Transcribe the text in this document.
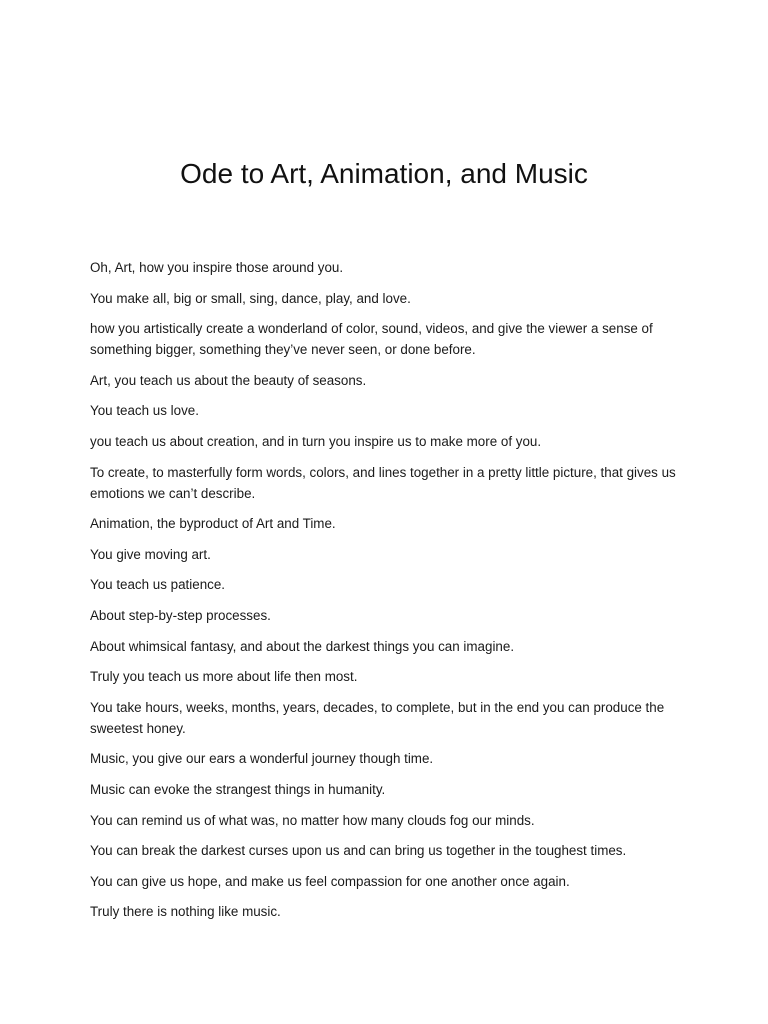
Ode to Art, Animation, and Music

Oh, Art, how you inspire those around you.

You make all, big or small, sing, dance, play, and love.

how you artistically create a wonderland of color, sound, videos, and give the viewer a sense of something bigger, something they’ve never seen, or done before.

Art, you teach us about the beauty of seasons.

You teach us love.

you teach us about creation, and in turn you inspire us to make more of you.

To create, to masterfully form words, colors, and lines together in a pretty little picture, that gives us emotions we can’t describe.

Animation, the byproduct of Art and Time.

You give moving art.

You teach us patience.

About step-by-step processes.

About whimsical fantasy, and about the darkest things you can imagine.

Truly you teach us more about life then most.

You take hours, weeks, months, years, decades, to complete, but in the end you can produce the sweetest honey.

Music, you give our ears a wonderful journey though time.

Music can evoke the strangest things in humanity.

You can remind us of what was, no matter how many clouds fog our minds.

You can break the darkest curses upon us and can bring us together in the toughest times.

You can give us hope, and make us feel compassion for one another once again.

Truly there is nothing like music.
